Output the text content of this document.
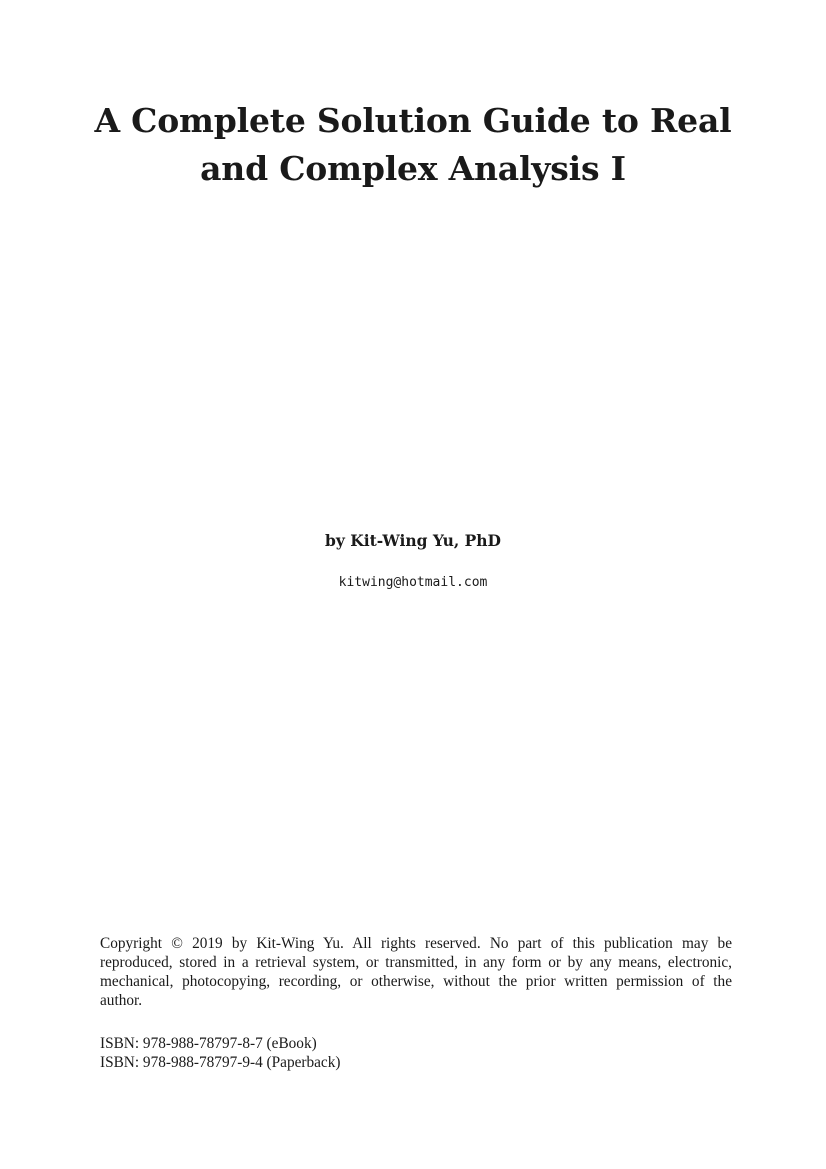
A Complete Solution Guide to Real
and Complex Analysis I
by Kit-Wing Yu, PhD
kitwing@hotmail.com
Copyright © 2019 by Kit-Wing Yu. All rights reserved. No part of this publication may be
reproduced, stored in a retrieval system, or transmitted, in any form or by any means, electronic,
mechanical, photocopying, recording, or otherwise, without the prior written permission of the
author.
ISBN: 978-988-78797-8-7 (eBook)
ISBN: 978-988-78797-9-4 (Paperback)
